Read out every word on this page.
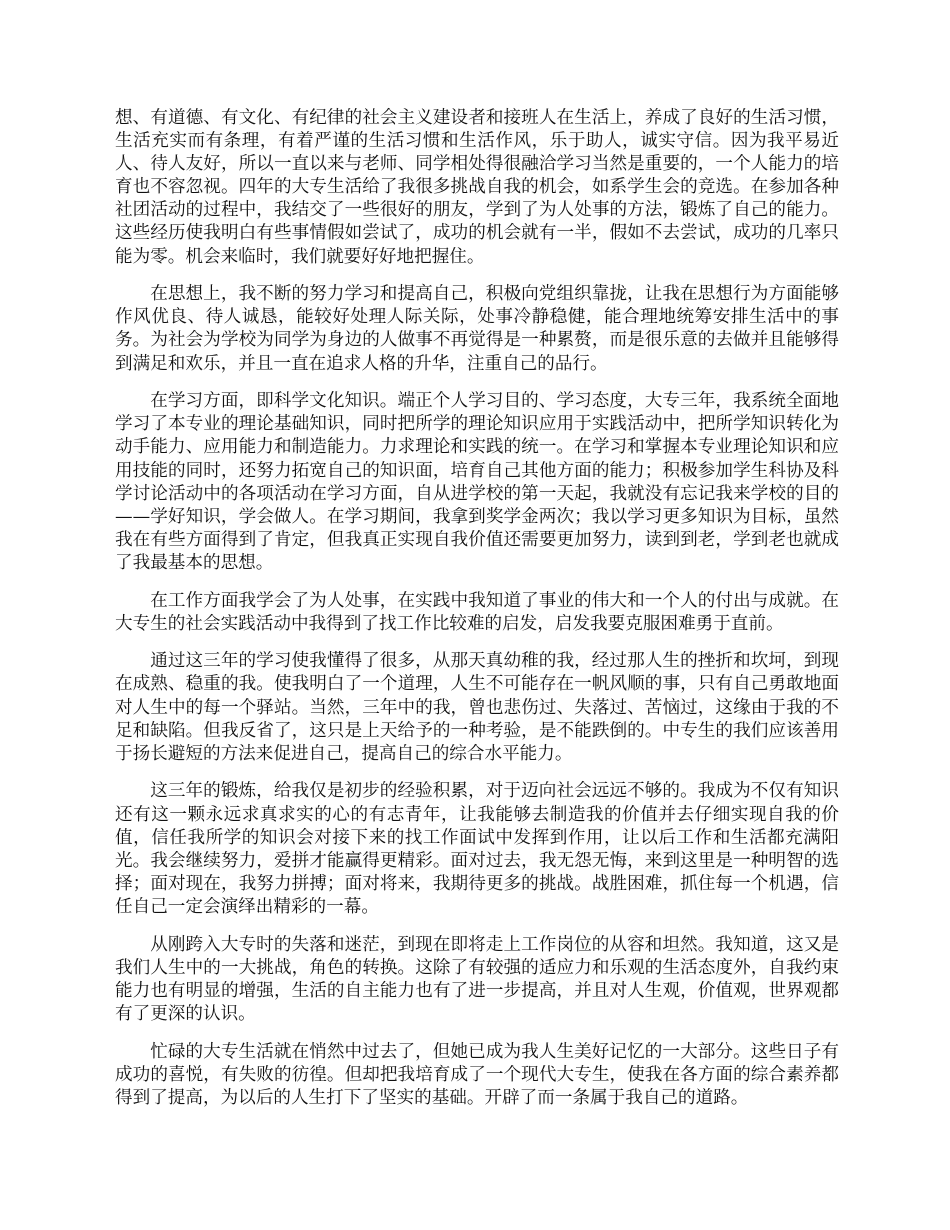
想、有道德、有文化、有纪律的社会主义建设者和接班人在生活上，养成了良好的生活习惯，生活充实而有条理，有着严谨的生活习惯和生活作风，乐于助人，诚实守信。因为我平易近人、待人友好，所以一直以来与老师、同学相处得很融洽学习当然是重要的，一个人能力的培育也不容忽视。四年的大专生活给了我很多挑战自我的机会，如系学生会的竞选。在参加各种社团活动的过程中，我结交了一些很好的朋友，学到了为人处事的方法，锻炼了自己的能力。这些经历使我明白有些事情假如尝试了，成功的机会就有一半，假如不去尝试，成功的几率只能为零。机会来临时，我们就要好好地把握住。

在思想上，我不断的努力学习和提高自己，积极向党组织靠拢，让我在思想行为方面能够作风优良、待人诚恳，能较好处理人际关际，处事冷静稳健，能合理地统筹安排生活中的事务。为社会为学校为同学为身边的人做事不再觉得是一种累赘，而是很乐意的去做并且能够得到满足和欢乐，并且一直在追求人格的升华，注重自己的品行。

在学习方面，即科学文化知识。端正个人学习目的、学习态度，大专三年，我系统全面地学习了本专业的理论基础知识，同时把所学的理论知识应用于实践活动中，把所学知识转化为动手能力、应用能力和制造能力。力求理论和实践的统一。在学习和掌握本专业理论知识和应用技能的同时，还努力拓宽自己的知识面，培育自己其他方面的能力；积极参加学生科协及科学讨论活动中的各项活动在学习方面，自从进学校的第一天起，我就没有忘记我来学校的目的——学好知识，学会做人。在学习期间，我拿到奖学金两次；我以学习更多知识为目标，虽然我在有些方面得到了肯定，但我真正实现自我价值还需要更加努力，读到到老，学到老也就成了我最基本的思想。

在工作方面我学会了为人处事，在实践中我知道了事业的伟大和一个人的付出与成就。在大专生的社会实践活动中我得到了找工作比较难的启发，启发我要克服困难勇于直前。

通过这三年的学习使我懂得了很多，从那天真幼稚的我，经过那人生的挫折和坎坷，到现在成熟、稳重的我。使我明白了一个道理，人生不可能存在一帆风顺的事，只有自己勇敢地面对人生中的每一个驿站。当然，三年中的我，曾也悲伤过、失落过、苦恼过，这缘由于我的不足和缺陷。但我反省了，这只是上天给予的一种考验，是不能跌倒的。中专生的我们应该善用于扬长避短的方法来促进自己，提高自己的综合水平能力。

这三年的锻炼，给我仅是初步的经验积累，对于迈向社会远远不够的。我成为不仅有知识还有这一颗永远求真求实的心的有志青年，让我能够去制造我的价值并去仔细实现自我的价值，信任我所学的知识会对接下来的找工作面试中发挥到作用，让以后工作和生活都充满阳光。我会继续努力，爱拼才能赢得更精彩。面对过去，我无怨无悔，来到这里是一种明智的选择；面对现在，我努力拼搏；面对将来，我期待更多的挑战。战胜困难，抓住每一个机遇，信任自己一定会演绎出精彩的一幕。

从刚跨入大专时的失落和迷茫，到现在即将走上工作岗位的从容和坦然。我知道，这又是我们人生中的一大挑战，角色的转换。这除了有较强的适应力和乐观的生活态度外，自我约束能力也有明显的增强，生活的自主能力也有了进一步提高，并且对人生观，价值观，世界观都有了更深的认识。

忙碌的大专生活就在悄然中过去了，但她已成为我人生美好记忆的一大部分。这些日子有成功的喜悦，有失败的彷徨。但却把我培育成了一个现代大专生，使我在各方面的综合素养都得到了提高，为以后的人生打下了坚实的基础。开辟了而一条属于我自己的道路。
